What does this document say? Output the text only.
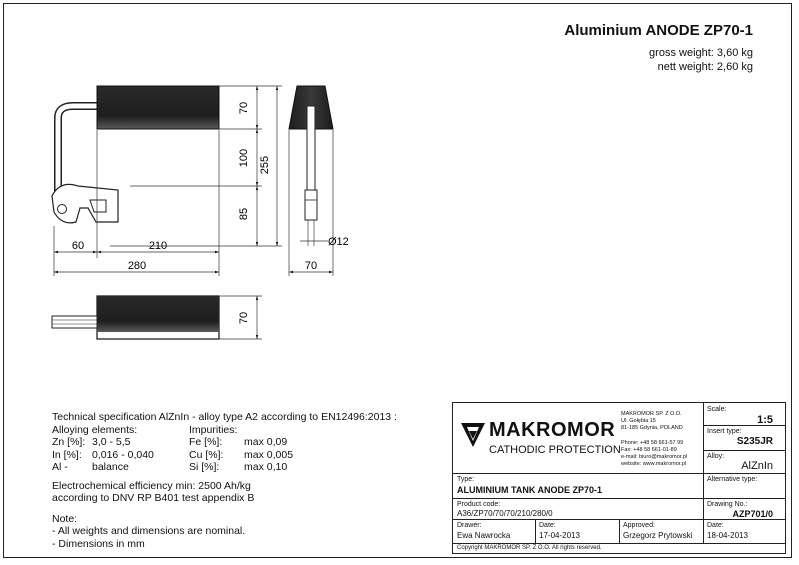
Aluminium ANODE ZP70-1
gross weight: 3,60 kg
nett weight: 2,60 kg
70
100
85
255
60	210
280	70
Ø12
70
Technical specification AlZnIn - alloy type A2 according to EN12496:2013 :
Alloying elements:	Impurities:
Zn [%]: 3,0 - 5,5	Fe [%]: max 0,09
In [%]: 0,016 - 0,040	Cu [%]: max 0,005
Al - balance	Si [%]: max 0,10
Electrochemical efficiency min: 2500 Ah/kg
according to DNV RP B401 test appendix B
Note:
- All weights and dimensions are nominal.
- Dimensions in mm
MAKROMOR
CATHODIC PROTECTION
MAKROMOR SP. Z O.O.
Ul. Gołębia 15
81-185 Gdynia, POLAND
Phone: +48 58 661-57 99
Fax: +48 58 661-01-89
e-mail: biuro@makromor.pl
website: www.makromor.pl
Scale:
1:5
Insert type:
S235JR
Alloy:
AlZnIn
Alternative type:
Drawing No.:
AZP701/0
Type:
ALUMINIUM TANK ANODE ZP70-1
Product code:
A36/ZP70/70/70/210/280/0
Drawer:
Ewa Nawrocka
Date:
17-04-2013
Approved:
Grzegorz Prytowski
Date:
18-04-2013
Copyright MAKROMOR SP. Z O.O. All rights reserved.
